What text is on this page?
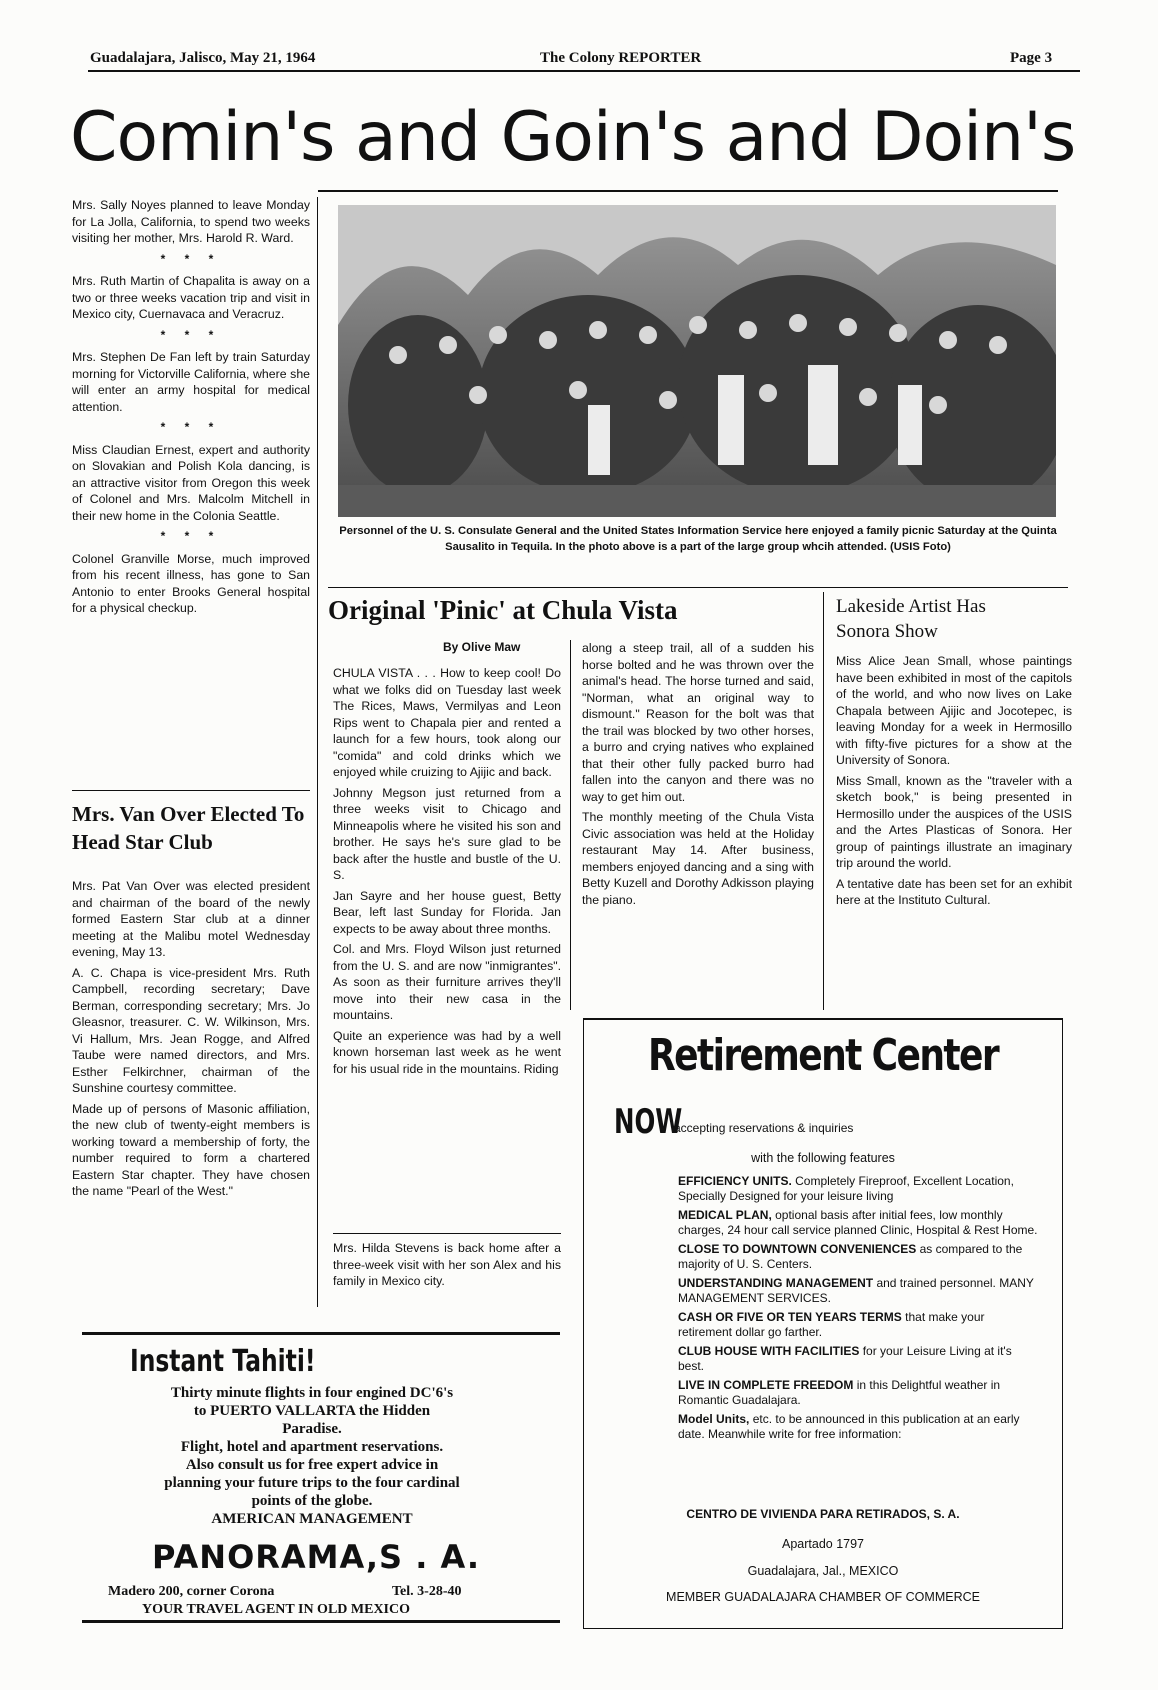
Guadalajara, Jalisco, May 21, 1964	The Colony REPORTER	Page 3
Comin's and Goin's and Doin's

Mrs. Sally Noyes planned to leave Monday for La Jolla, California, to spend two weeks visiting her mother, Mrs. Harold R. Ward.

* * *

Mrs. Ruth Martin of Chapalita is away on a two or three weeks vacation trip and visit in Mexico city, Cuernavaca and Veracruz.

* * *

Mrs. Stephen De Fan left by train Saturday morning for Victorville California, where she will enter an army hospital for medical attention.

* * *

Miss Claudian Ernest, expert and authority on Slovakian and Polish Kola dancing, is an attractive visitor from Oregon this week of Colonel and Mrs. Malcolm Mitchell in their new home in the Colonia Seattle.

* * *

Colonel Granville Morse, much improved from his recent illness, has gone to San Antonio to enter Brooks General hospital for a physical checkup.

Mrs. Van Over Elected To Head Star Club

Mrs. Pat Van Over was elected president and chairman of the board of the newly formed Eastern Star club at a dinner meeting at the Malibu motel Wednesday evening, May 13.

A. C. Chapa is vice-president Mrs. Ruth Campbell, recording secretary; Dave Berman, corresponding secretary; Mrs. Jo Gleasnor, treasurer. C. W. Wilkinson, Mrs. Vi Hallum, Mrs. Jean Rogge, and Alfred Taube were named directors, and Mrs. Esther Felkirchner, chairman of the Sunshine courtesy committee.

Made up of persons of Masonic affiliation, the new club of twenty-eight members is working toward a membership of forty, the number required to form a chartered Eastern Star chapter. They have chosen the name "Pearl of the West."

Personnel of the U. S. Consulate General and the United States Information Service here enjoyed a family picnic Saturday at the Quinta Sausalito in Tequila. In the photo above is a part of the large group whcih attended. (USIS Foto)
Original 'Pinic' at Chula Vista
By Olive Maw

CHULA VISTA . . . How to keep cool! Do what we folks did on Tuesday last week The Rices, Maws, Vermilyas and Leon Rips went to Chapala pier and rented a launch for a few hours, took along our "comida" and cold drinks which we enjoyed while cruizing to Ajijic and back.

Johnny Megson just returned from a three weeks visit to Chicago and Minneapolis where he visited his son and brother. He says he's sure glad to be back after the hustle and bustle of the U. S.

Jan Sayre and her house guest, Betty Bear, left last Sunday for Florida. Jan expects to be away about three months.

Col. and Mrs. Floyd Wilson just returned from the U. S. and are now "inmigrantes". As soon as their furniture arrives they'll move into their new casa in the mountains.

Quite an experience was had by a well known horseman last week as he went for his usual ride in the mountains. Riding

Mrs. Hilda Stevens is back home after a three-week visit with her son Alex and his family in Mexico city.

along a steep trail, all of a sudden his horse bolted and he was thrown over the animal's head. The horse turned and said, "Norman, what an original way to dismount." Reason for the bolt was that the trail was blocked by two other horses, a burro and crying natives who explained that their other fully packed burro had fallen into the canyon and there was no way to get him out.

The monthly meeting of the Chula Vista Civic association was held at the Holiday restaurant May 14. After business, members enjoyed dancing and a sing with Betty Kuzell and Dorothy Adkisson playing the piano.

Lakeside Artist Has Sonora Show

Miss Alice Jean Small, whose paintings have been exhibited in most of the capitols of the world, and who now lives on Lake Chapala between Ajijic and Jocotepec, is leaving Monday for a week in Hermosillo with fifty-five pictures for a show at the University of Sonora.

Miss Small, known as the "traveler with a sketch book," is being presented in Hermosillo under the auspices of the USIS and the Artes Plasticas of Sonora. Her group of paintings illustrate an imaginary trip around the world.

A tentative date has been set for an exhibit here at the Instituto Cultural.

Retirement Center
NOW
accepting reservations & inquiries
with the following features
EFFICIENCY UNITS. Completely Fireproof, Excellent Location, Specially Designed for your leisure living
MEDICAL PLAN, optional basis after initial fees, low monthly charges, 24 hour call service planned Clinic, Hospital & Rest Home.
CLOSE TO DOWNTOWN CONVENIENCES as compared to the majority of U. S. Centers.
UNDERSTANDING MANAGEMENT and trained personnel. MANY MANAGEMENT SERVICES.
CASH OR FIVE OR TEN YEARS TERMS that make your retirement dollar go farther.
CLUB HOUSE WITH FACILITIES for your Leisure Living at it's best.
LIVE IN COMPLETE FREEDOM in this Delightful weather in Romantic Guadalajara.
Model Units, etc. to be announced in this publication at an early date. Meanwhile write for free information:
CENTRO DE VIVIENDA PARA RETIRADOS, S. A.
Apartado 1797
Guadalajara, Jal., MEXICO
MEMBER GUADALAJARA CHAMBER OF COMMERCE
Instant Tahiti!
Thirty minute flights in four engined DC'6's
to PUERTO VALLARTA the Hidden
Paradise.
Flight, hotel and apartment reservations.
Also consult us for free expert advice in
planning your future trips to the four cardinal
points of the globe.
AMERICAN MANAGEMENT
PANORAMA,S . A.
Madero 200, corner Corona	Tel. 3-28-40
YOUR TRAVEL AGENT IN OLD MEXICO
